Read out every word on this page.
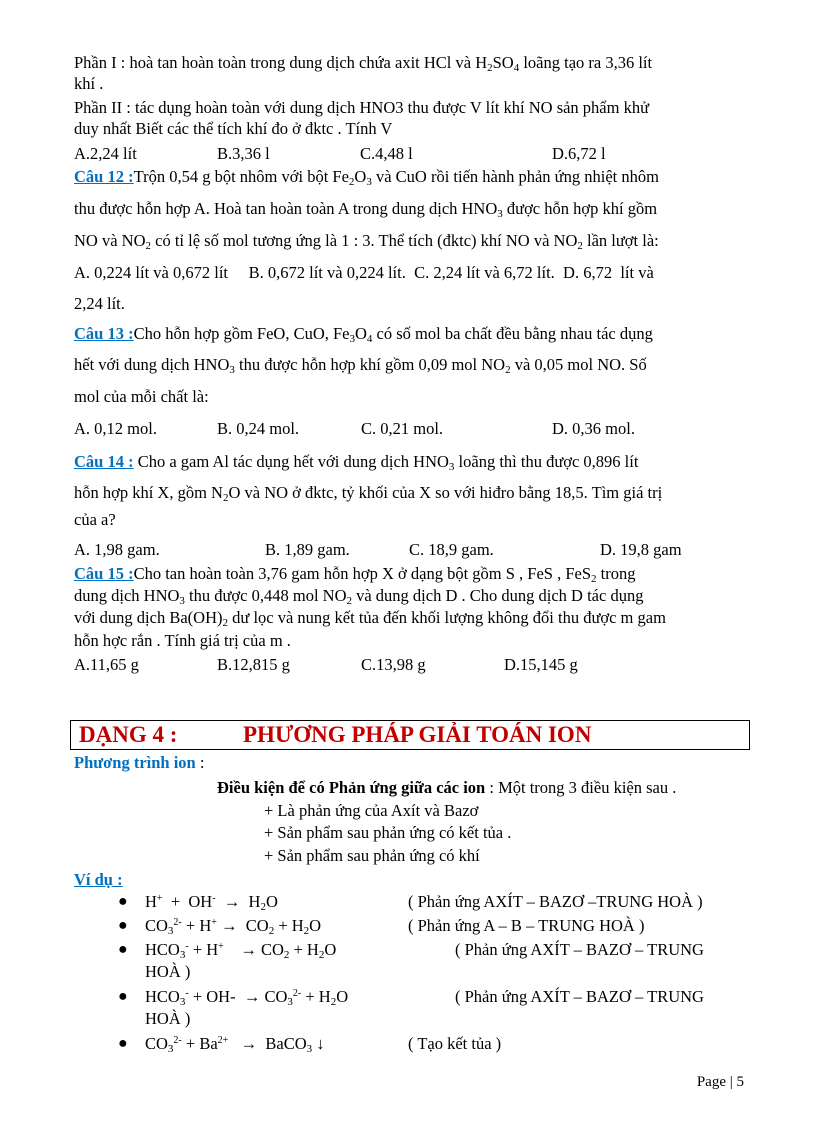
Phần I : hoà tan hoàn toàn trong dung dịch chứa axit HCl và $H_2SO_4$ loãng tạo ra 3,36 lít
khí .
Phần II : tác dụng hoàn toàn với dung dịch HNO3 thu được V lít khí NO sản phẩm khử
duy nhất Biết các thể tích khí đo ở đktc . Tính V
A.2,24 lít	B.3,36 l	C.4,48 l	D.6,72 l
Câu 12 :Trộn 0,54 g bột nhôm với bột $Fe_2O_3$ và CuO rồi tiến hành phản ứng nhiệt nhôm
thu được hỗn hợp A. Hoà tan hoàn toàn A trong dung dịch $HNO_3$ được hỗn hợp khí gồm
NO và $NO_2$ có tỉ lệ số mol tương ứng là 1 : 3. Thể tích (đktc) khí NO và $NO_2$ lần lượt là:
A. 0,224 lít và 0,672 lít     B. 0,672 lít và 0,224 lít.  C. 2,24 lít và 6,72 lít.  D. 6,72  lít và
2,24 lít.
Câu 13 :Cho hỗn hợp gồm FeO, CuO, $Fe_3O_4$ có số mol ba chất đều bằng nhau tác dụng
hết với dung dịch $HNO_3$ thu được hỗn hợp khí gồm 0,09 mol $NO_2$ và 0,05 mol NO. Số
mol của mỗi chất là:
A. 0,12 mol.	B. 0,24 mol.	C. 0,21 mol.	D. 0,36 mol.
Câu 14 : Cho a gam Al tác dụng hết với dung dịch $HNO_3$ loãng thì thu được 0,896 lít
hỗn hợp khí X, gồm $N_2O$ và NO ở đktc, tỷ khối của X so với hiđro bằng 18,5. Tìm giá trị
của a?
A. 1,98 gam.	B. 1,89 gam.	C. 18,9 gam.	D. 19,8 gam
Câu 15 :Cho tan hoàn toàn 3,76 gam hỗn hợp X ở dạng bột gồm S , FeS , FeS$_2$ trong
dung dịch $HNO_3$ thu được 0,448 mol $NO_2$ và dung dịch D . Cho dung dịch D tác dụng
với dung dịch $Ba(OH)_2$ dư lọc và nung kết tủa đến khối lượng không đổi thu được m gam
hỗn hợc rắn . Tính giá trị của m .
A.11,65 g	B.12,815 g	C.13,98 g	D.15,145 g
DẠNG 4 :	PHƯƠNG PHÁP GIẢI TOÁN ION
Phương trình ion :
Điều kiện để có Phản ứng giữa các ion : Một trong 3 điều kiện sau .
+ Là phản ứng của Axít và Bazơ
+ Sản phẩm sau phản ứng có kết tủa .
+ Sản phẩm sau phản ứng có khí
Ví dụ :
● $H^+ + OH^- \to H_2O$	( Phản ứng AXÍT – BAZƠ –TRUNG HOÀ )
● $CO_3^{2-} + H^+ \to CO_2 + H_2O$	( Phản ứng A – B – TRUNG HOÀ )
● $HCO_3^- + H^+$    → $CO_2 + H_2O$	( Phản ứng AXÍT – BAZƠ – TRUNG
HOÀ )
● $HCO_3^- + OH- \to CO_3^{2-} + H_2O$	( Phản ứng AXÍT – BAZƠ – TRUNG
HOÀ )
● $CO_3^{2-} + Ba^{2+}$   →  BaCO$_3$ ↓	( Tạo kết tủa )
Page | 5
